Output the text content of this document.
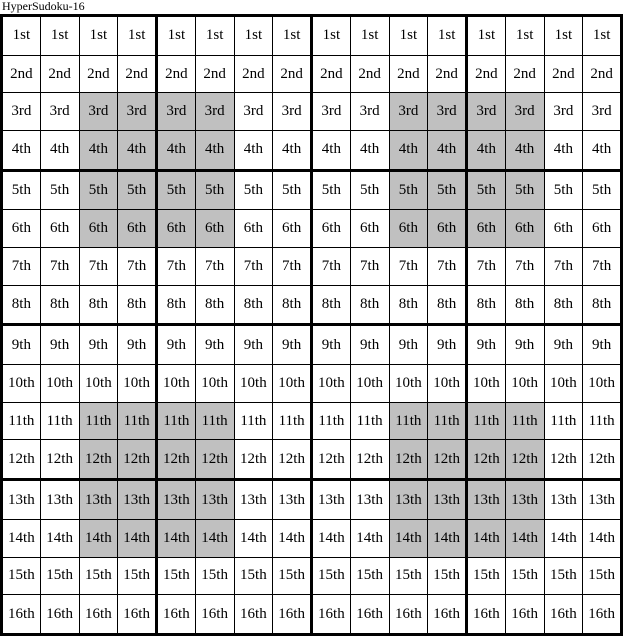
HyperSudoku-16
1st	1st	1st	1st	1st	1st	1st	1st	1st	1st	1st	1st	1st	1st	1st	1st
2nd	2nd	2nd	2nd	2nd	2nd	2nd	2nd	2nd	2nd	2nd	2nd	2nd	2nd	2nd	2nd
3rd	3rd	3rd	3rd	3rd	3rd	3rd	3rd	3rd	3rd	3rd	3rd	3rd	3rd	3rd	3rd
4th	4th	4th	4th	4th	4th	4th	4th	4th	4th	4th	4th	4th	4th	4th	4th
5th	5th	5th	5th	5th	5th	5th	5th	5th	5th	5th	5th	5th	5th	5th	5th
6th	6th	6th	6th	6th	6th	6th	6th	6th	6th	6th	6th	6th	6th	6th	6th
7th	7th	7th	7th	7th	7th	7th	7th	7th	7th	7th	7th	7th	7th	7th	7th
8th	8th	8th	8th	8th	8th	8th	8th	8th	8th	8th	8th	8th	8th	8th	8th
9th	9th	9th	9th	9th	9th	9th	9th	9th	9th	9th	9th	9th	9th	9th	9th
10th	10th	10th	10th	10th	10th	10th	10th	10th	10th	10th	10th	10th	10th	10th	10th
11th	11th	11th	11th	11th	11th	11th	11th	11th	11th	11th	11th	11th	11th	11th	11th
12th	12th	12th	12th	12th	12th	12th	12th	12th	12th	12th	12th	12th	12th	12th	12th
13th	13th	13th	13th	13th	13th	13th	13th	13th	13th	13th	13th	13th	13th	13th	13th
14th	14th	14th	14th	14th	14th	14th	14th	14th	14th	14th	14th	14th	14th	14th	14th
15th	15th	15th	15th	15th	15th	15th	15th	15th	15th	15th	15th	15th	15th	15th	15th
16th	16th	16th	16th	16th	16th	16th	16th	16th	16th	16th	16th	16th	16th	16th	16th
